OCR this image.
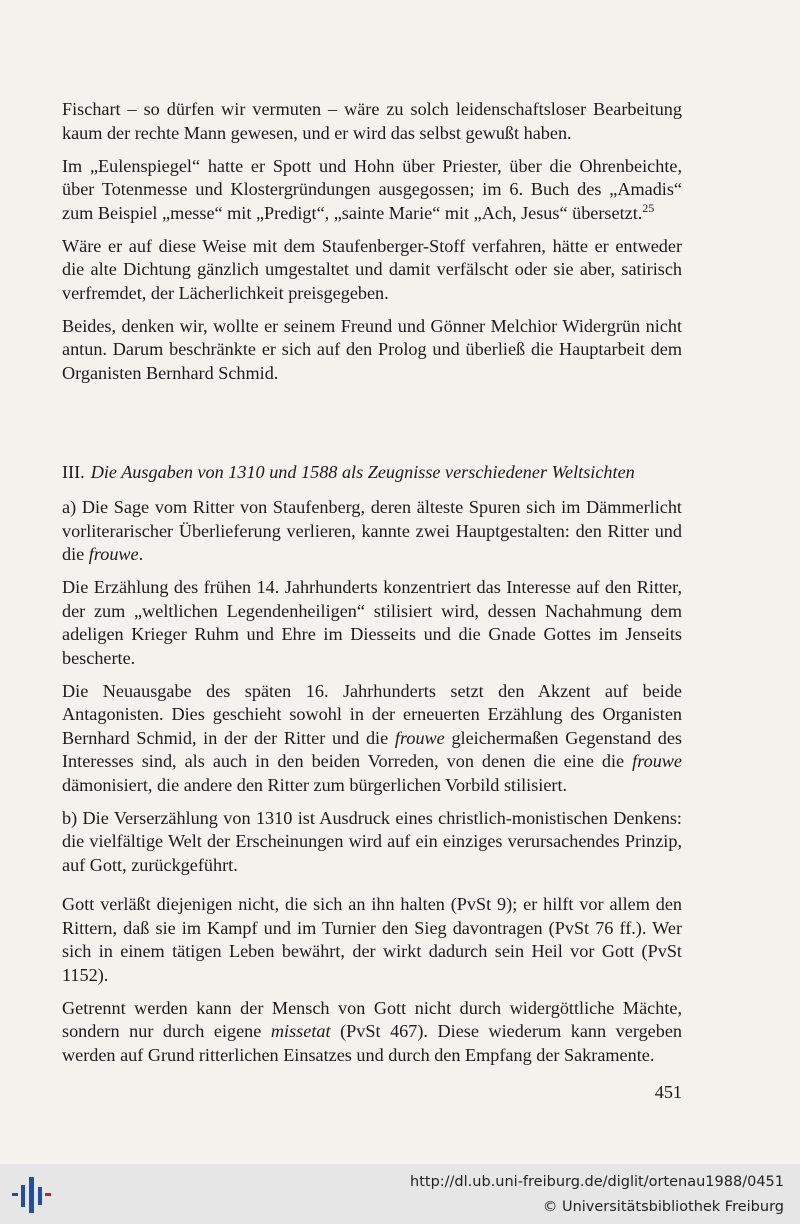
Fischart – so dürfen wir vermuten – wäre zu solch leidenschaftsloser Bearbeitung kaum der rechte Mann gewesen, und er wird das selbst gewußt haben.

Im „Eulenspiegel“ hatte er Spott und Hohn über Priester, über die Ohrenbeichte, über Totenmesse und Klostergründungen ausgegossen; im 6. Buch des „Amadis“ zum Beispiel „messe“ mit „Predigt“, „sainte Marie“ mit „Ach, Jesus“ übersetzt.$^{25}$

Wäre er auf diese Weise mit dem Staufenberger-Stoff verfahren, hätte er entweder die alte Dichtung gänzlich umgestaltet und damit verfälscht oder sie aber, satirisch verfremdet, der Lächerlichkeit preisgegeben.

Beides, denken wir, wollte er seinem Freund und Gönner Melchior Widergrün nicht antun. Darum beschränkte er sich auf den Prolog und überließ die Hauptarbeit dem Organisten Bernhard Schmid.

III. Die Ausgaben von 1310 und 1588 als Zeugnisse verschiedener Weltsichten

a) Die Sage vom Ritter von Staufenberg, deren älteste Spuren sich im Dämmerlicht vorliterarischer Überlieferung verlieren, kannte zwei Hauptgestalten: den Ritter und die frouwe.

Die Erzählung des frühen 14. Jahrhunderts konzentriert das Interesse auf den Ritter, der zum „weltlichen Legendenheiligen“ stilisiert wird, dessen Nachahmung dem adeligen Krieger Ruhm und Ehre im Diesseits und die Gnade Gottes im Jenseits bescherte.

Die Neuausgabe des späten 16. Jahrhunderts setzt den Akzent auf beide Antagonisten. Dies geschieht sowohl in der erneuerten Erzählung des Organisten Bernhard Schmid, in der der Ritter und die frouwe gleichermaßen Gegenstand des Interesses sind, als auch in den beiden Vorreden, von denen die eine die frouwe dämonisiert, die andere den Ritter zum bürgerlichen Vorbild stilisiert.

b) Die Verserzählung von 1310 ist Ausdruck eines christlich-monistischen Denkens: die vielfältige Welt der Erscheinungen wird auf ein einziges verursachendes Prinzip, auf Gott, zurückgeführt.

Gott verläßt diejenigen nicht, die sich an ihn halten (PvSt 9); er hilft vor allem den Rittern, daß sie im Kampf und im Turnier den Sieg davontragen (PvSt 76 ff.). Wer sich in einem tätigen Leben bewährt, der wirkt dadurch sein Heil vor Gott (PvSt 1152).

Getrennt werden kann der Mensch von Gott nicht durch widergöttliche Mächte, sondern nur durch eigene missetat (PvSt 467). Diese wiederum kann vergeben werden auf Grund ritterlichen Einsatzes und durch den Empfang der Sakramente.

451
http://dl.ub.uni-freiburg.de/diglit/ortenau1988/0451
© Universitätsbibliothek Freiburg
